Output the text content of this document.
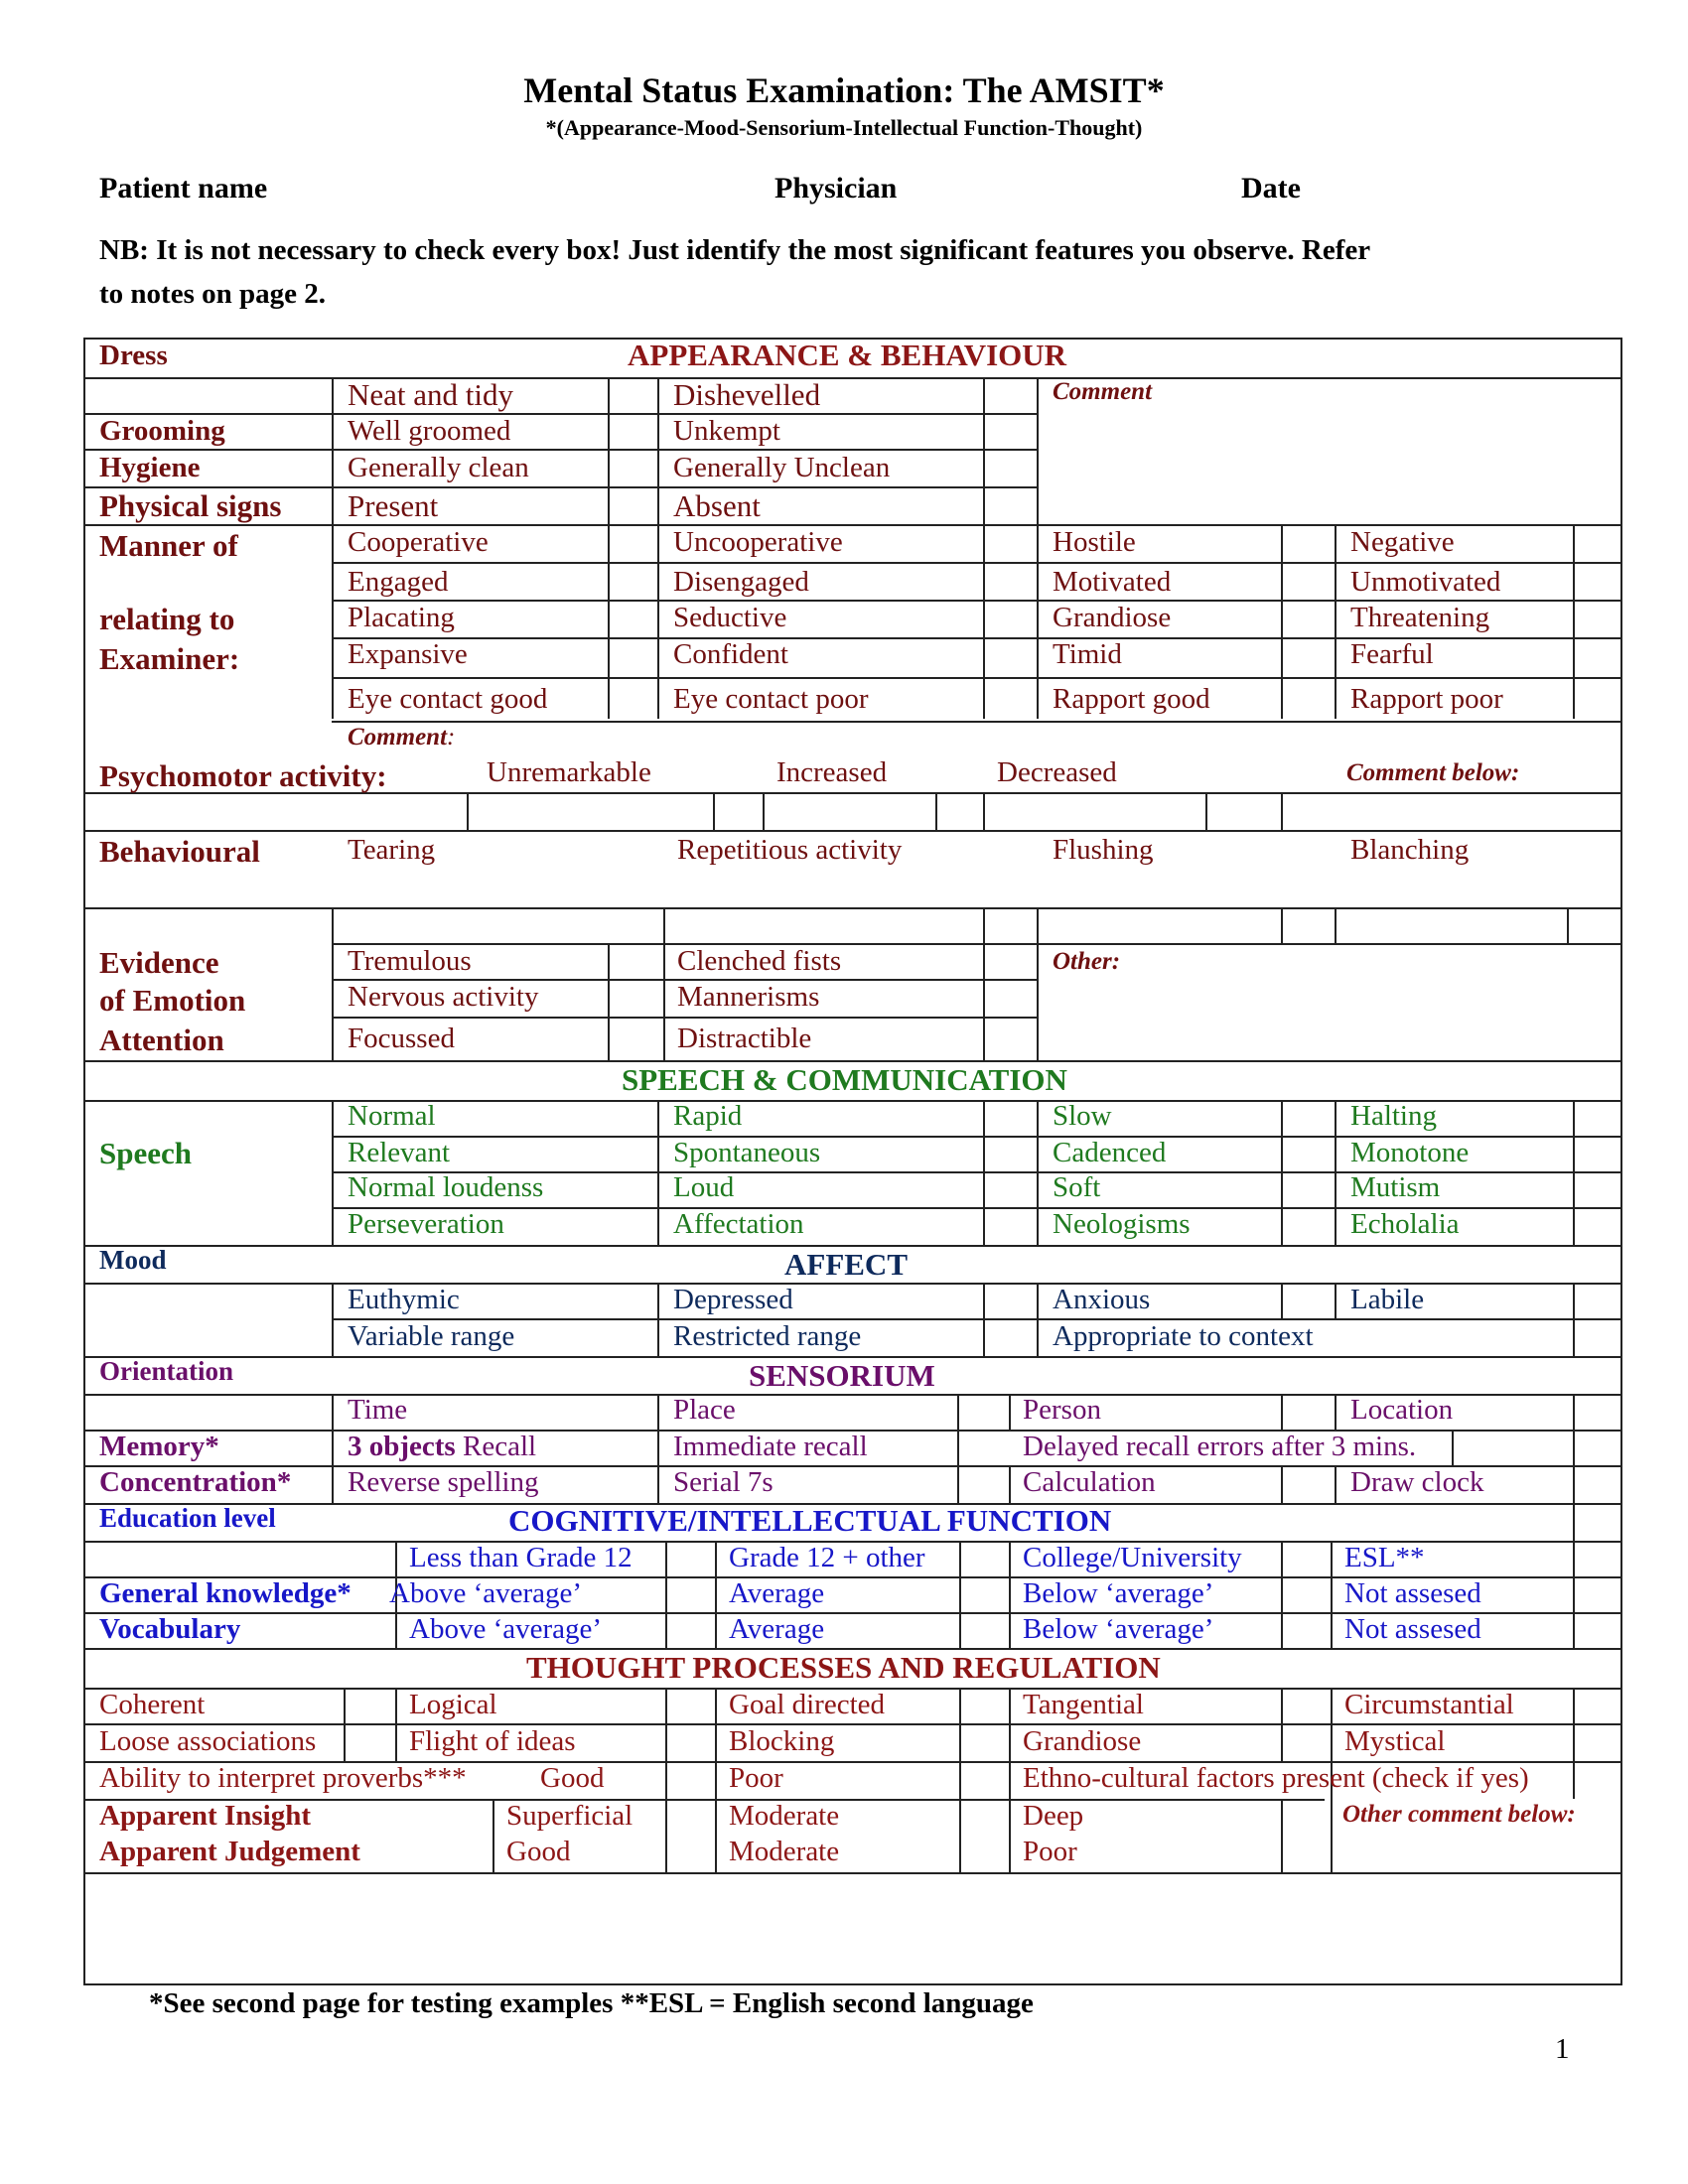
Mental Status Examination: The AMSIT*
*(Appearance-Mood-Sensorium-Intellectual Function-Thought)
Patient name	Physician	Date
NB: It is not necessary to check every box! Just identify the most significant features you observe. Refer
to notes on page 2.
Dress	APPEARANCE & BEHAVIOUR
Neat and tidy	Dishevelled	Comment
Grooming	Well groomed	Unkempt
Hygiene	Generally clean	Generally Unclean
Physical signs Present	Absent
Manner of
relating to
Examiner:
Cooperative	Uncooperative	Hostile	Negative
Engaged	Disengaged	Motivated	Unmotivated
Placating	Seductive	Grandiose	Threatening
Expansive	Confident	Timid	Fearful
Eye contact good	Eye contact poor	Rapport good	Rapport poor
Comment:
Psychomotor activity:	Unremarkable	Increased	Decreased	Comment below:
Behavioural	Tearing	Repetitious activity	Flushing	Blanching
Evidence
of Emotion
Tremulous	Clenched fists	Other:
Nervous activity	Mannerisms
Attention	Focussed	Distractible
SPEECH & COMMUNICATION
Speech
Normal	Rapid	Slow	Halting
Relevant	Spontaneous	Cadenced	Monotone
Normal loudenss	Loud	Soft	Mutism
Perseveration	Affectation	Neologisms	Echolalia
Mood	AFFECT
Euthymic	Depressed	Anxious	Labile
Variable range	Restricted range	Appropriate to context
Orientation	SENSORIUM
Time	Place	Person	Location
Memory*	3 objects Recall	Immediate recall	Delayed recall errors after 3 mins.
Concentration* Reverse spelling	Serial 7s	Calculation	Draw clock
Education level	COGNITIVE/INTELLECTUAL FUNCTION
Less than Grade 12	Grade 12 + other	College/University	ESL**
General knowledge* Above ‘average’	Average	Below ‘average’	Not assesed
Vocabulary	Above ‘average’	Average	Below ‘average’	Not assesed
THOUGHT PROCESSES AND REGULATION
Coherent	Logical	Goal directed	Tangential	Circumstantial
Loose associations	Flight of ideas	Blocking	Grandiose	Mystical
Ability to interpret proverbs***	Good	Poor	Ethno-cultural factors present (check if yes)
Apparent Insight	Superficial	Moderate	Deep	Other comment below:
Apparent Judgement	Good	Moderate	Poor
*See second page for testing examples **ESL = English second language
1
